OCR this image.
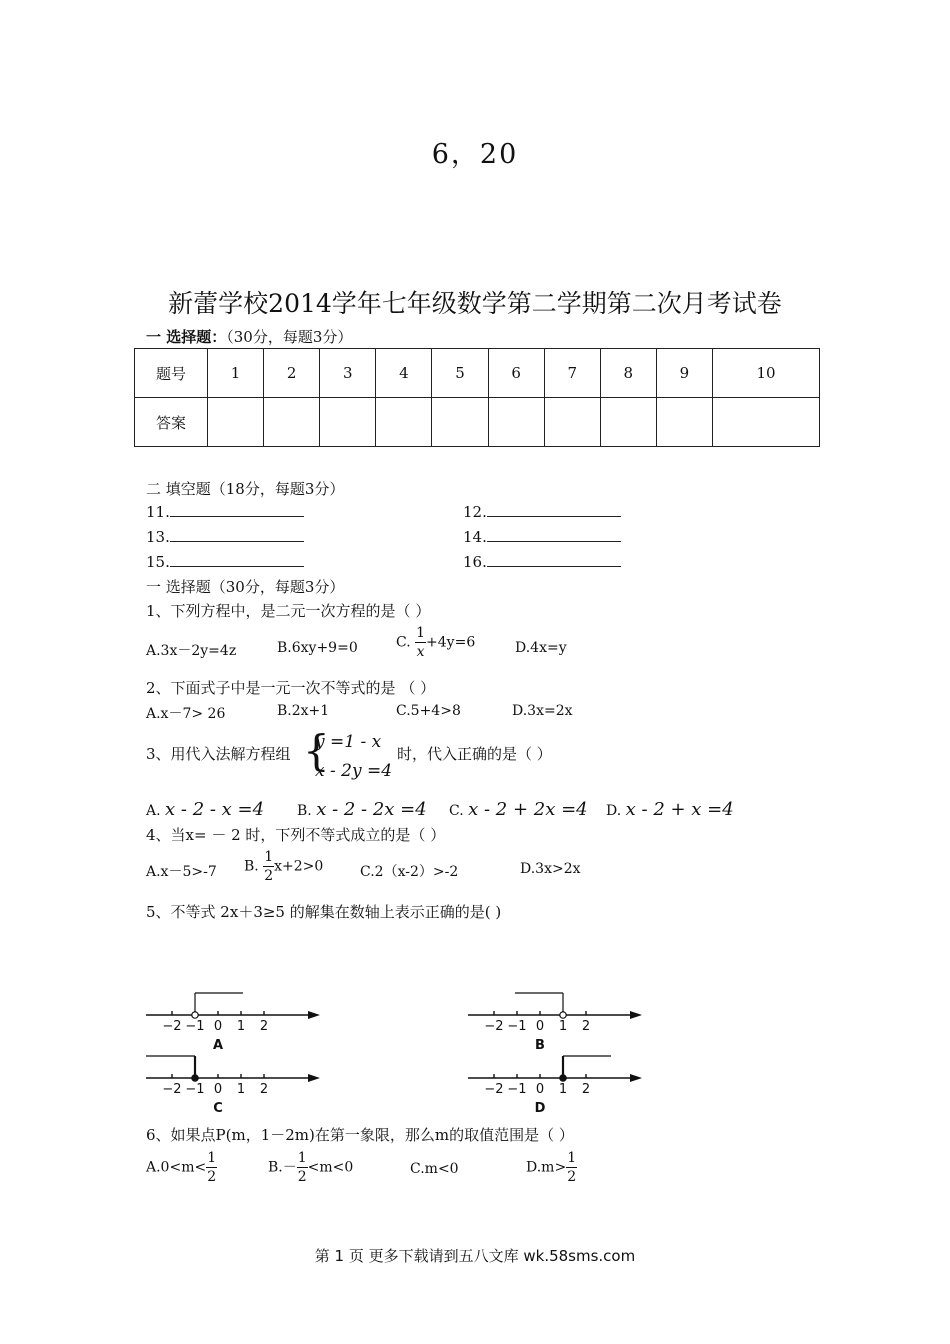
6，20
新蕾学校2014学年七年级数学第二学期第二次月考试卷
一 选择题：（30分，每题3分）
题号	1	2	3	4	5	6	7	8	9	10
答案										
二 填空题（18分，每题3分）
11.	12.
13.	14.
15.	16.
一 选择题（30分，每题3分）
1、下列方程中，是二元一次方程的是（ ）
A.3x－2y=4z	B.6xy+9=0	C. $\frac{1}{x} +4y=6$	D.4x=y
2、下面式子中是一元一次不等式的是 （ ）
A.x－7> 26	B.2x+1	C.5+4>8	D.3x=2x
3、用代入法解方程组 {
y =1 - x
x - 2y =4
时，代入正确的是（ ）
A. x - 2 - x =4 B. x - 2 - 2x =4 C. x - 2 + 2x =4 D. x - 2 + x =4
4、当x= － 2 时，下列不等式成立的是（ ）
A.x－5>-7 B. $\frac{1}{2} x+2>0$	C.2（x-2）>-2	D.3x>2x
5、不等式 2x＋3≥5 的解集在数轴上表示正确的是( )
−2 −1 0 1 2
A
−2 −1 0 1 2
B
−2 −1 0 1 2
C
−2 −1 0 1 2
D
6、如果点P(m，1－2m)在第一象限，那么m的取值范围是（ ）
$A.0<m< \frac{1}{2}$	$B.- \frac{1}{2} <m<0$	C.m<0	$D.m> \frac{1}{2}$
第 1 页 更多下载请到五八文库 wk.58sms.com
